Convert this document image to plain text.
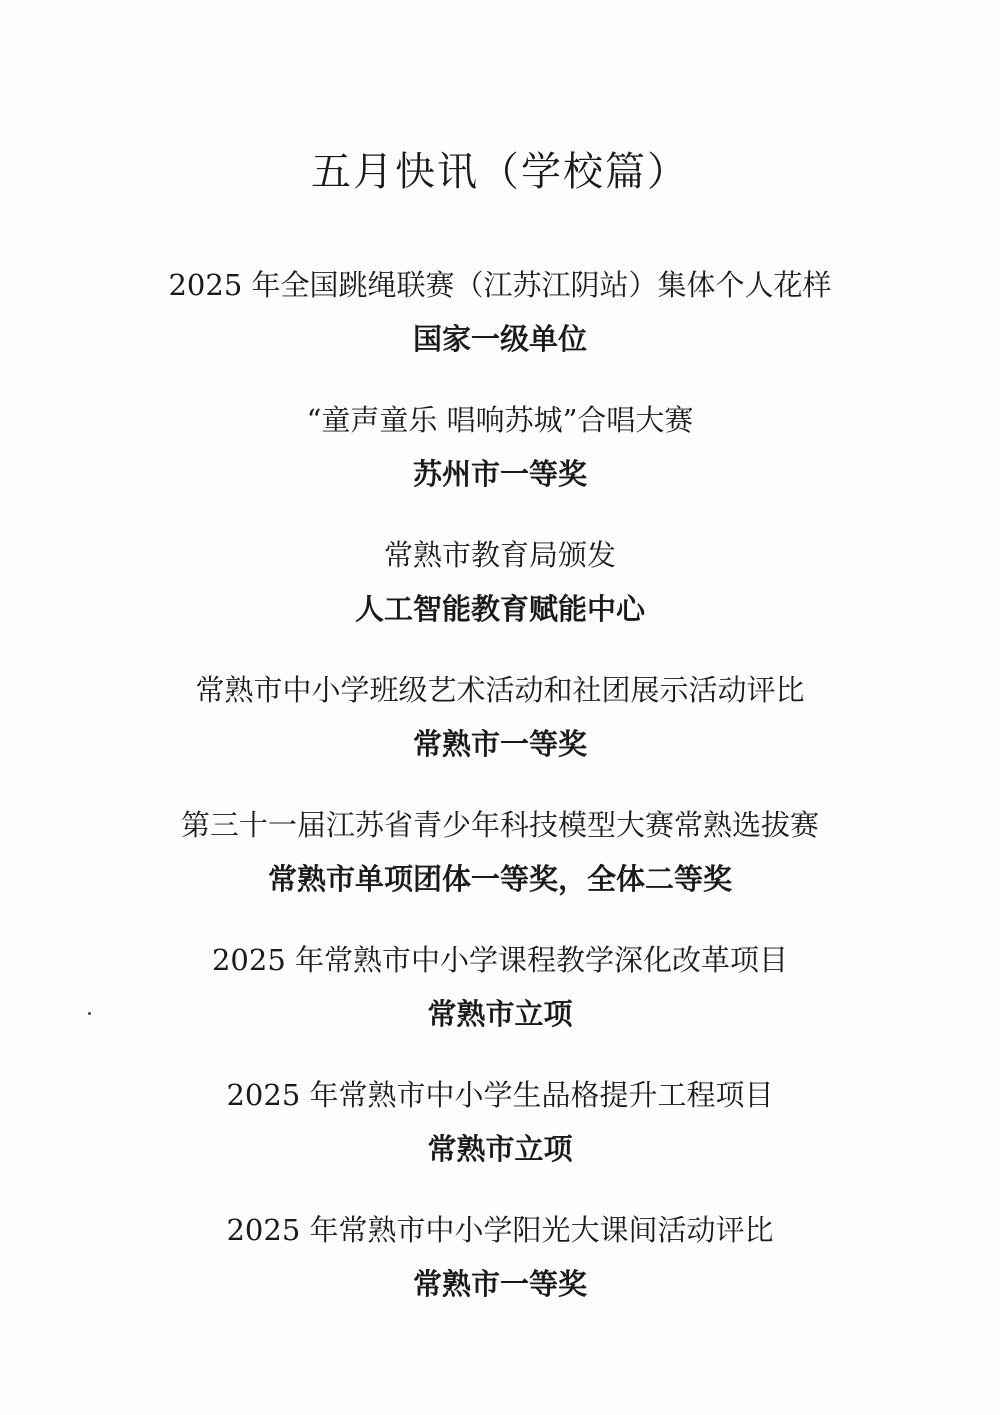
五月快讯（学校篇）
2025 年全国跳绳联赛（江苏江阴站）集体个人花样
国家一级单位
“童声童乐 唱响苏城”合唱大赛
苏州市一等奖
常熟市教育局颁发
人工智能教育赋能中心
常熟市中小学班级艺术活动和社团展示活动评比
常熟市一等奖
第三十一届江苏省青少年科技模型大赛常熟选拔赛
常熟市单项团体一等奖，全体二等奖
2025 年常熟市中小学课程教学深化改革项目
常熟市立项
2025 年常熟市中小学生品格提升工程项目
常熟市立项
2025 年常熟市中小学阳光大课间活动评比
常熟市一等奖
